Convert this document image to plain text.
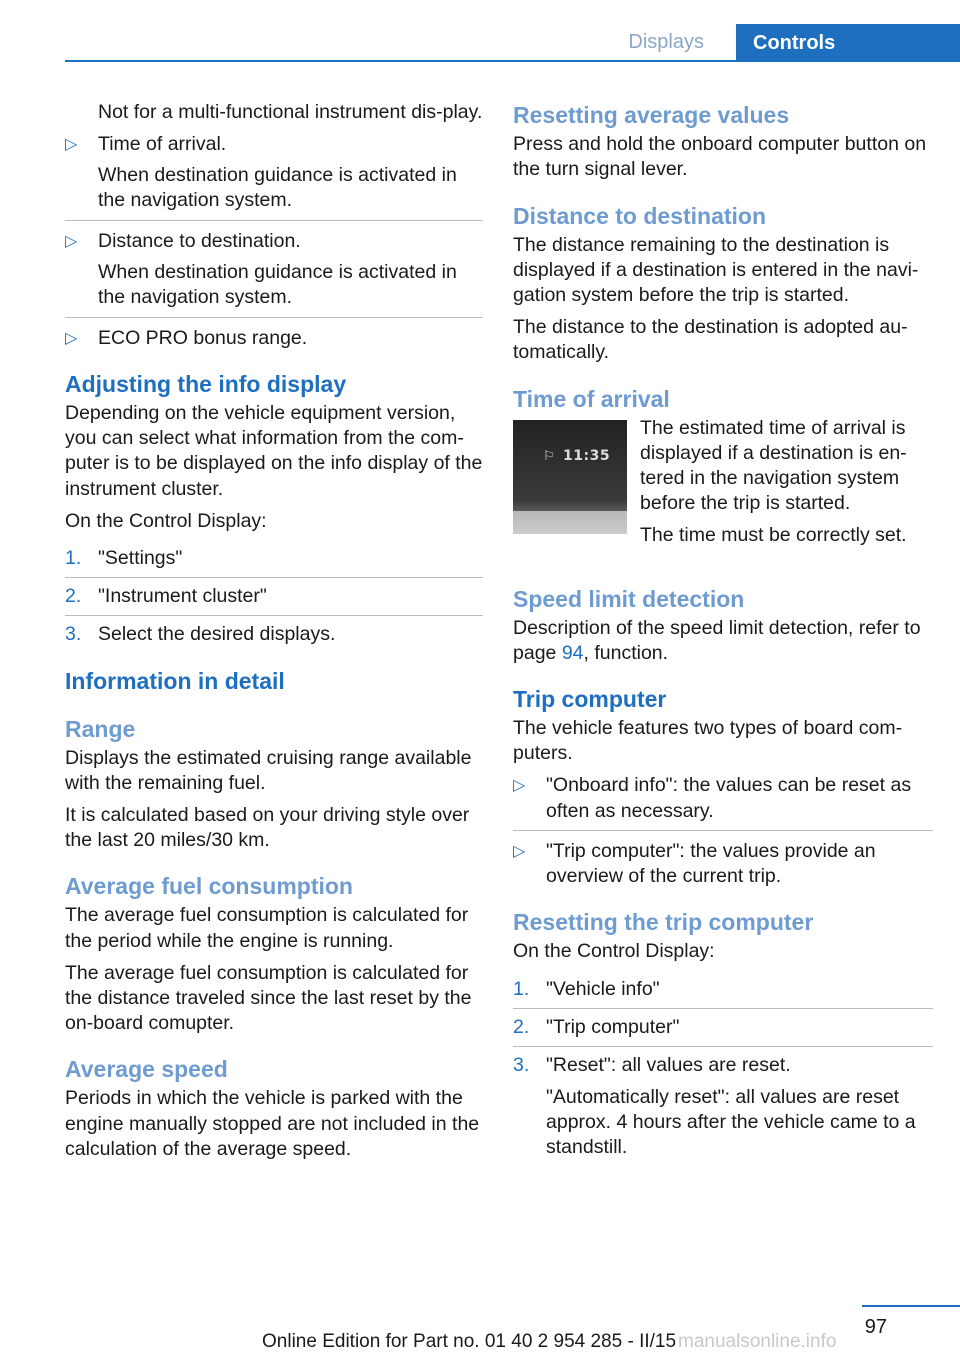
Displays	Controls

Not for a multi-functional instrument dis-play.

▷ Time of arrival.

When destination guidance is activated in the navigation system.

▷ Distance to destination.

When destination guidance is activated in the navigation system.

▷ ECO PRO bonus range.

Adjusting the info display

Depending on the vehicle equipment version, you can select what information from the com-puter is to be displayed on the info display of the instrument cluster.

On the Control Display:

1. "Settings"

2. "Instrument cluster"

3. Select the desired displays.

Information in detail
Range

Displays the estimated cruising range available with the remaining fuel.

It is calculated based on your driving style over the last 20 miles/30 km.

Average fuel consumption

The average fuel consumption is calculated for the period while the engine is running.

The average fuel consumption is calculated for the distance traveled since the last reset by the on-board comupter.

Average speed

Periods in which the vehicle is parked with the engine manually stopped are not included in the calculation of the average speed.

Resetting average values

Press and hold the onboard computer button on the turn signal lever.

Distance to destination

The distance remaining to the destination is displayed if a destination is entered in the navi-gation system before the trip is started.

The distance to the destination is adopted au-tomatically.

Time of arrival
⚐ 11:35

The estimated time of arrival is displayed if a destination is en-tered in the navigation system before the trip is started.

The time must be correctly set.

Speed limit detection

Description of the speed limit detection, refer to page 94, function.

Trip computer

The vehicle features two types of board com-puters.

▷ "Onboard info": the values can be reset as often as necessary.

▷ "Trip computer": the values provide an overview of the current trip.

Resetting the trip computer

On the Control Display:

1. "Vehicle info"

2. "Trip computer"

3. "Reset": all values are reset.

"Automatically reset": all values are reset approx. 4 hours after the vehicle came to a standstill.

97
Online Edition for Part no. 01 40 2 954 285 - II/15 manualsonline.info
